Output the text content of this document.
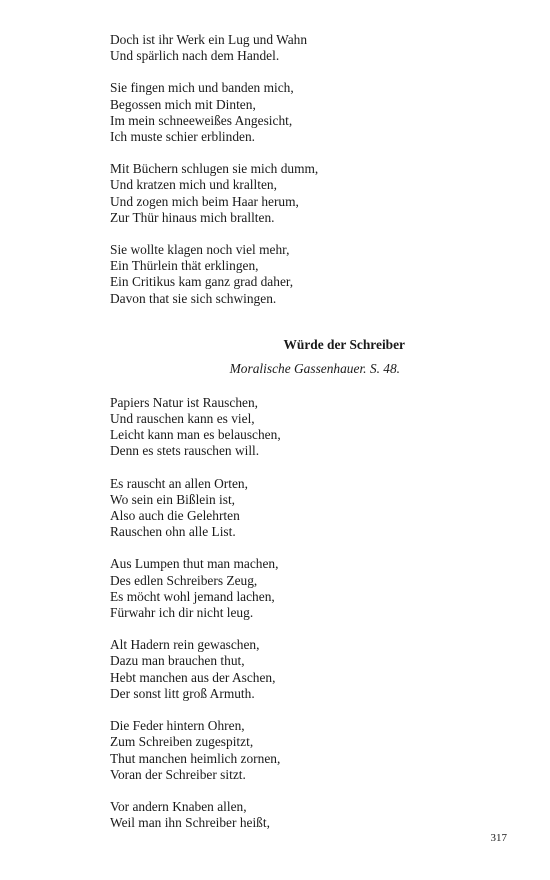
Doch ist ihr Werk ein Lug und Wahn
Und spärlich nach dem Handel.
Sie fingen mich und banden mich,
Begossen mich mit Dinten,
Im mein schneeweißes Angesicht,
Ich muste schier erblinden.
Mit Büchern schlugen sie mich dumm,
Und kratzen mich und krallten,
Und zogen mich beim Haar herum,
Zur Thür hinaus mich brallten.
Sie wollte klagen noch viel mehr,
Ein Thürlein thät erklingen,
Ein Critikus kam ganz grad daher,
Davon that sie sich schwingen.
Würde der Schreiber
Moralische Gassenhauer. S. 48.
Papiers Natur ist Rauschen,
Und rauschen kann es viel,
Leicht kann man es belauschen,
Denn es stets rauschen will.
Es rauscht an allen Orten,
Wo sein ein Bißlein ist,
Also auch die Gelehrten
Rauschen ohn alle List.
Aus Lumpen thut man machen,
Des edlen Schreibers Zeug,
Es möcht wohl jemand lachen,
Fürwahr ich dir nicht leug.
Alt Hadern rein gewaschen,
Dazu man brauchen thut,
Hebt manchen aus der Aschen,
Der sonst litt groß Armuth.
Die Feder hintern Ohren,
Zum Schreiben zugespitzt,
Thut manchen heimlich zornen,
Voran der Schreiber sitzt.
Vor andern Knaben allen,
Weil man ihn Schreiber heißt,
317
